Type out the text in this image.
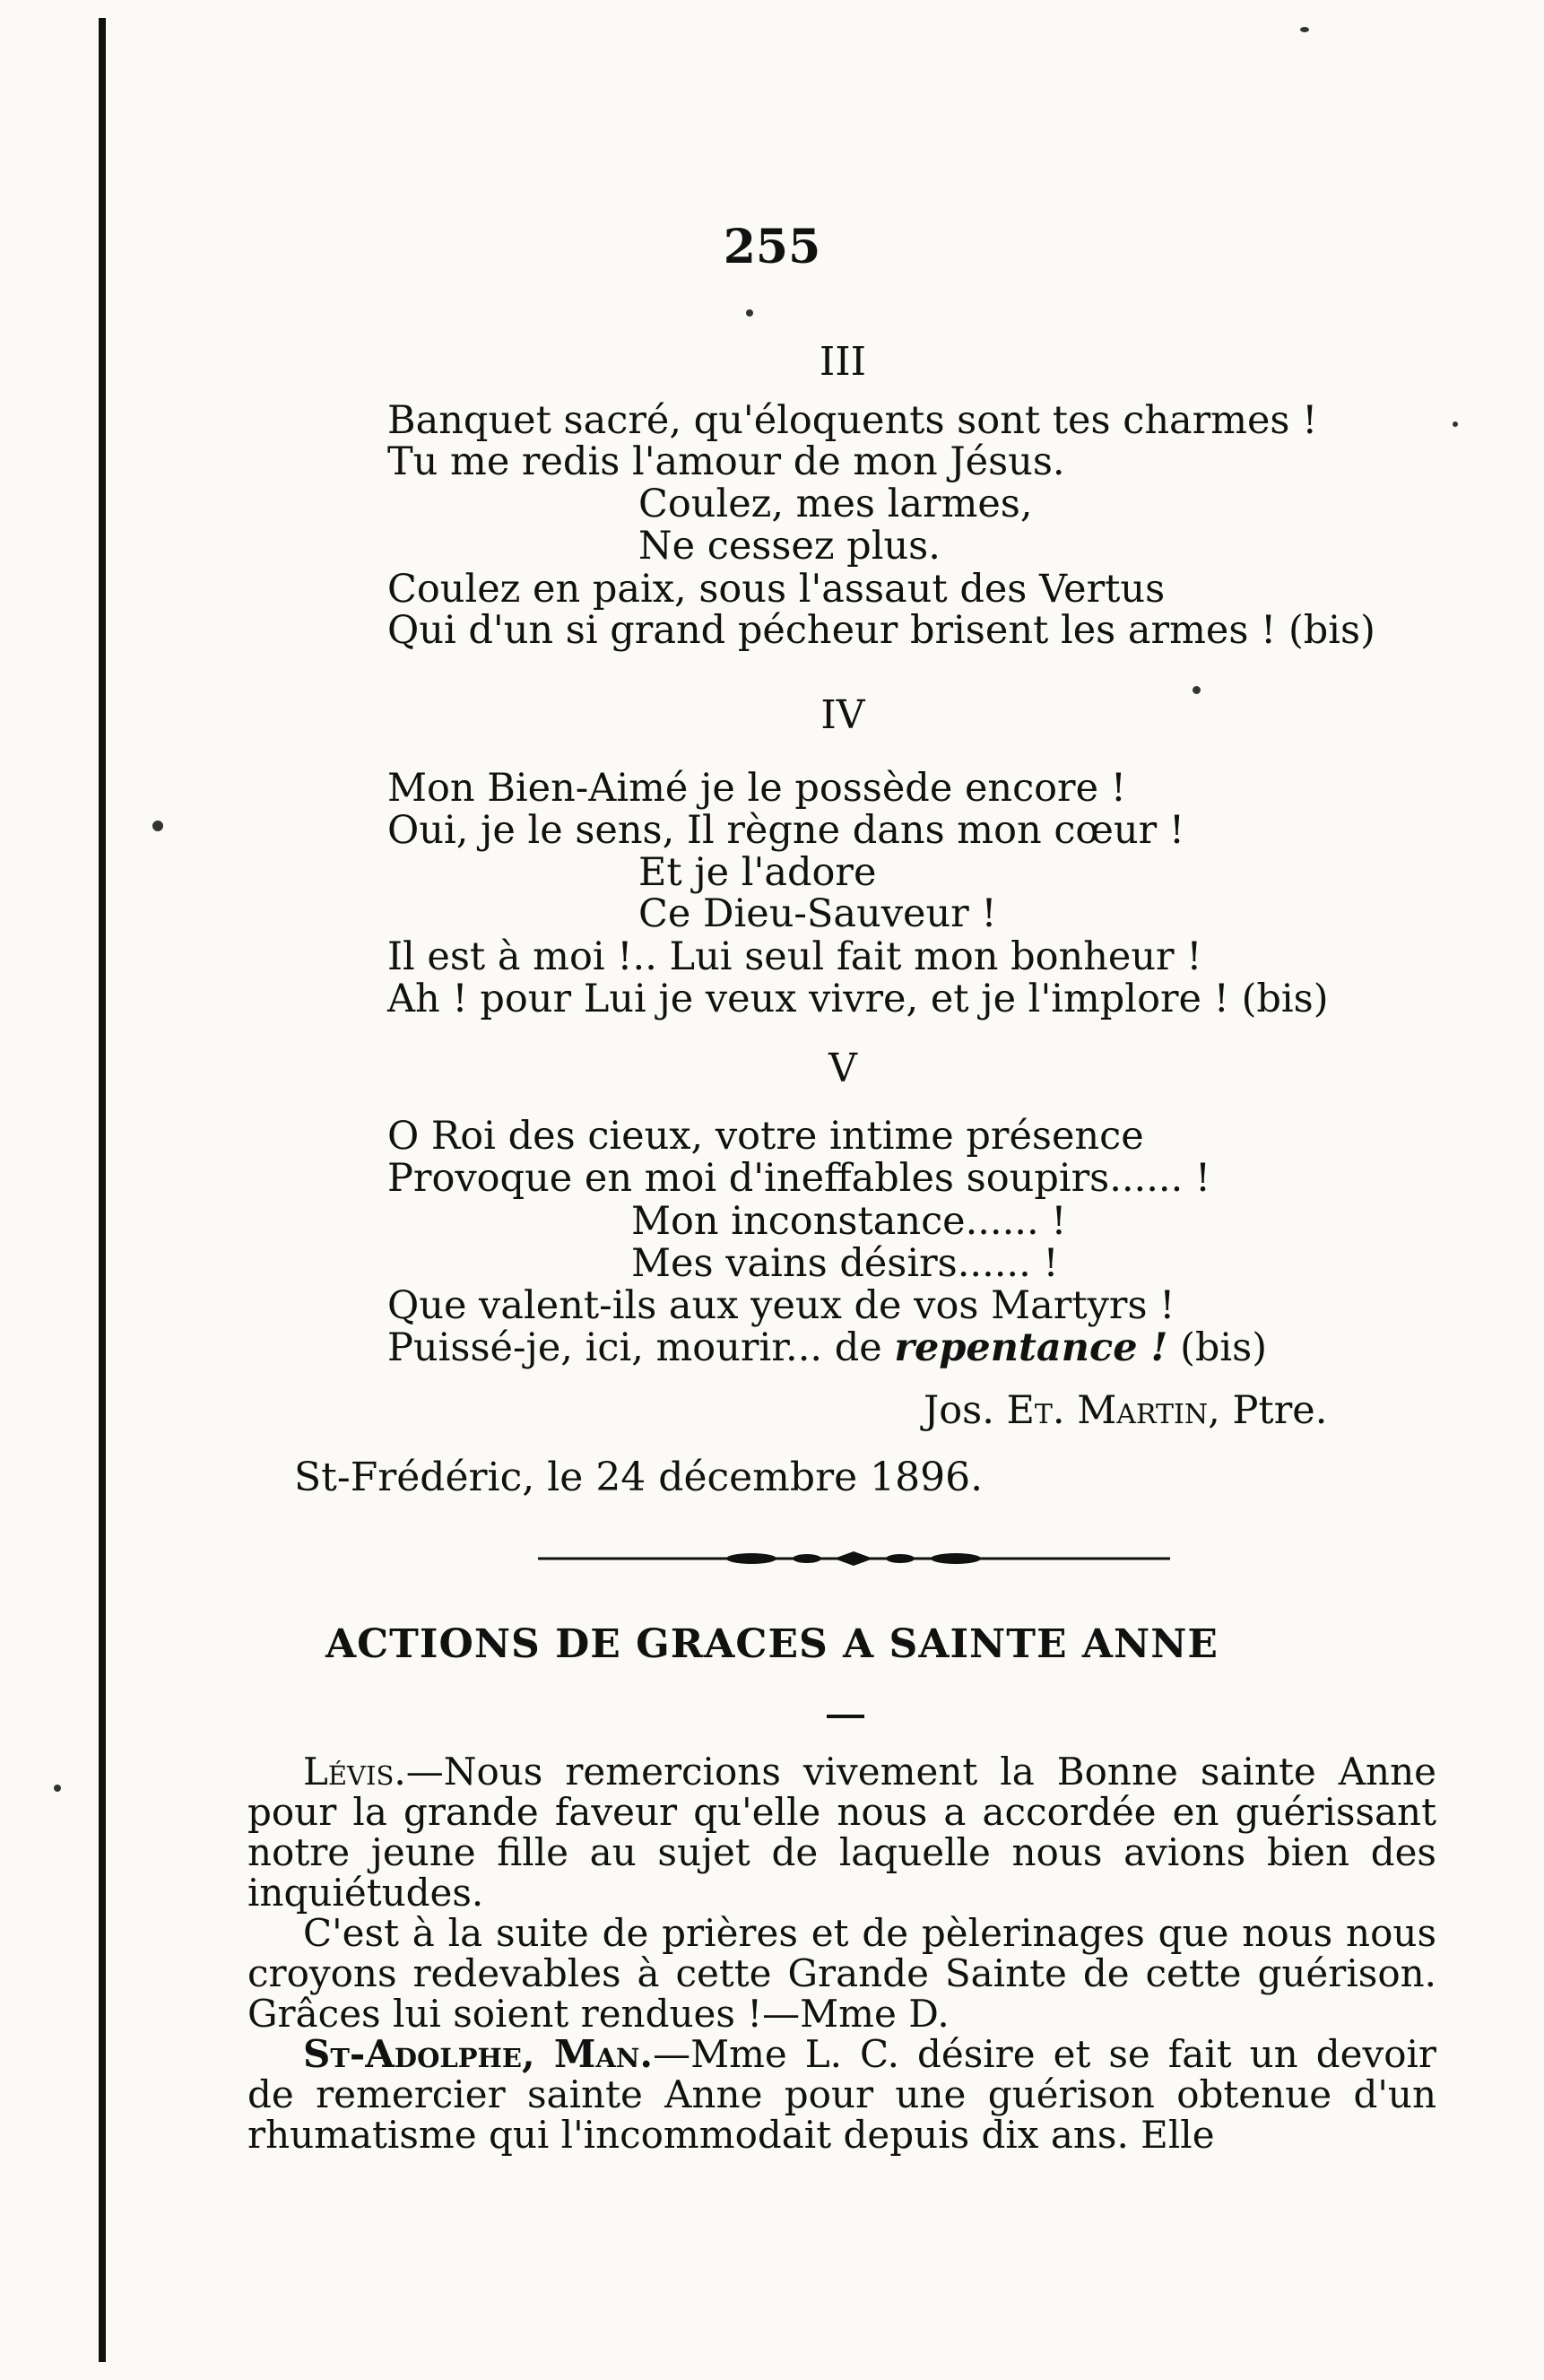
255
III
Banquet sacré, qu'éloquents sont tes charmes !
Tu me redis l'amour de mon Jésus.
Coulez, mes larmes,
Ne cessez plus.
Coulez en paix, sous l'assaut des Vertus
Qui d'un si grand pécheur brisent les armes ! (bis)
IV
Mon Bien-Aimé je le possède encore !
Oui, je le sens, Il règne dans mon cœur !
Et je l'adore
Ce Dieu-Sauveur !
Il est à moi !.. Lui seul fait mon bonheur !
Ah ! pour Lui je veux vivre, et je l'implore ! (bis)
V
O Roi des cieux, votre intime présence
Provoque en moi d'ineffables soupirs...... !
Mon inconstance...... !
Mes vains désirs...... !
Que valent-ils aux yeux de vos Martyrs !
Puissé-je, ici, mourir... de repentance ! (bis)
Jos. Et. Martin, Ptre.
St-Frédéric, le 24 décembre 1896.
ACTIONS DE GRACES A SAINTE ANNE

Lévis.—Nous remercions vivement la Bonne sainte Anne pour la grande faveur qu'elle nous a accordée en guérissant notre jeune fille au sujet de laquelle nous avions bien des inquiétudes.

C'est à la suite de prières et de pèlerinages que nous nous croyons redevables à cette Grande Sainte de cette guérison. Grâces lui soient rendues !—Mme D.

St-Adolphe, Man.—Mme L. C. désire et se fait un devoir de remercier sainte Anne pour une guérison obtenue d'un rhumatisme qui l'incommodait depuis dix ans. Elle
